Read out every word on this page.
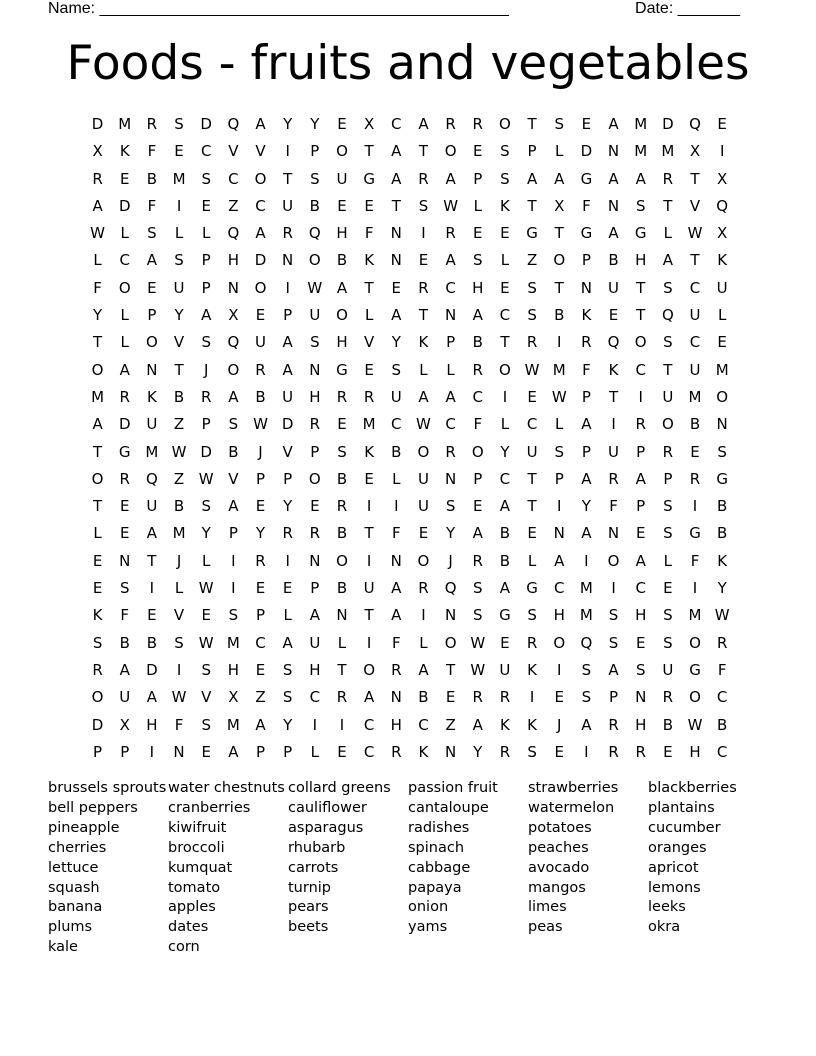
Name: ______________________________________________	Date: _______
Foods - fruits and vegetables
D M	R	S	D	Q	A	Y	Y	E	X	C	A	R	R	O	T	S	E	A	M D	Q	E
X	K	F	E	C	V	V	I	P	O	T	A	T	O	E	S	P	L	D	N	M M	X	I
R	E	B	M	S	C	O	T	S	U	G	A	R	A	P	S	A	A	G	A	A	R	T	X
A	D	F	I	E	Z	C	U	B	E	E	T	S W	L	K	T	X	F	N	S	T	V	Q
W	L	S	L	L	Q	A	R	Q	H	F	N	I	R	E	E	G	T	G	A	G	L	W X
L	C	A	S	P	H	D	N	O	B	K	N	E	A	S	L	Z	O	P	B	H	A	T	K
F	O	E	U	P	N	O	I	W A	T	E	R	C	H	E	S	T	N	U	T	S	C	U
Y	L	P	Y	A	X	E	P	U	O	L	A	T	N	A	C	S	B	K	E	T	Q	U	L
T	L	O	V	S	Q	U	A	S	H	V	Y	K	P	B	T	R	I	R	Q	O	S	C	E
O	A	N	T	J	O	R	A	N	G	E	S	L	L	R	O W M	F	K	C	T	U	M
M	R	K	B	R	A	B	U	H	R	R	U	A	A	C	I	E	W	P	T	I	U	M O
A	D	U	Z	P	S W D	R	E	M	C W C	F	L	C	L	A	I	R	O	B	N
T	G M W D	B	J	V	P	S	K	B	O	R	O	Y	U	S	P	U	P	R	E	S
O	R	Q	Z W V	P	P	O	B	E	L	U	N	P	C	T	P	A	R	A	P	R	G
T	E	U	B	S	A	E	Y	E	R	I	I	U	S	E	A	T	I	Y	F	P	S	I	B
L	E	A	M	Y	P	Y	R	R	B	T	F	E	Y	A	B	E	N	A	N	E	S	G	B
E	N	T	J	L	I	R	I	N	O	I	N	O	J	R	B	L	A	I	O	A	L	F	K
E	S	I	L	W	I	E	E	P	B	U	A	R	Q	S	A	G	C	M	I	C	E	I	Y
K	F	E	V	E	S	P	L	A	N	T	A	I	N	S	G	S	H	M	S	H	S	M W
S	B	B	S W M	C	A	U	L	I	F	L	O W E	R	O	Q	S	E	S	O	R
R	A	D	I	S	H	E	S	H	T	O	R	A	T	W U	K	I	S	A	S	U	G	F
O	U	A W V	X	Z	S	C	R	A	N	B	E	R	R	I	E	S	P	N	R	O	C
D	X	H	F	S	M	A	Y	I	I	C	H	C	Z	A	K	K	J	A	R	H	B W B
P	P	I	N	E	A	P	P	L	E	C	R	K	N	Y	R	S	E	I	R	R	E	H	C
brussels sprouts
bell peppers
pineapple
cherries
lettuce
squash
banana
plums
kale
water chestnuts
cranberries
kiwifruit
broccoli
kumquat
tomato
apples
dates
corn
collard greens
cauliflower
asparagus
rhubarb
carrots
turnip
pears
beets
passion fruit
cantaloupe
radishes
spinach
cabbage
papaya
onion
yams
strawberries
watermelon
potatoes
peaches
avocado
mangos
limes
peas
blackberries
plantains
cucumber
oranges
apricot
lemons
leeks
okra
